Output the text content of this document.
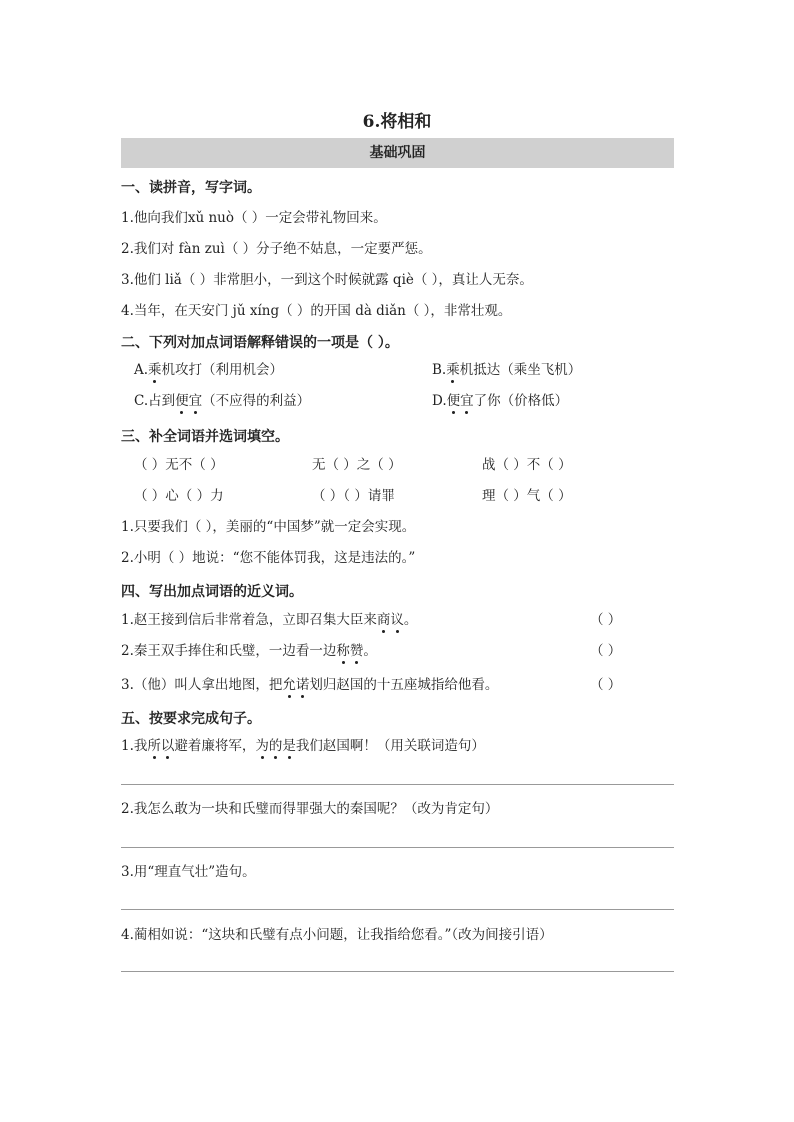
6.将相和
基础巩固
一、读拼音，写字词。
1.他向我们xǔ nuò（ ）一定会带礼物回来。
2.我们对 fàn zuì（ ）分子绝不姑息，一定要严惩。
3.他们 liǎ（ ）非常胆小，一到这个时候就露 qiè（ ），真让人无奈。
4.当年，在天安门 jǔ xíng（ ）的开国 dà diǎn（ ），非常壮观。
二、下列对加点词语解释错误的一项是（ ）。
A.乘机攻打（利用机会）	B.乘机抵达（乘坐飞机）
C.占到便宜（不应得的利益）	D.便宜了你（价格低）
三、补全词语并选词填空。
（ ）无不（ ）	无（ ）之（ ）	战（ ）不（ ）
（ ）心（ ）力	（ ）（ ）请罪	理（ ）气（ ）
1.只要我们（ ），美丽的“中国梦”就一定会实现。
2.小明（ ）地说：“您不能体罚我，这是违法的。”
四、写出加点词语的近义词。
1.赵王接到信后非常着急，立即召集大臣来商议。	（ ）
2.秦王双手捧住和氏璧，一边看一边称赞。	（ ）
3.（他）叫人拿出地图，把允诺划归赵国的十五座城指给他看。	（ ）
五、按要求完成句子。
1.我所以避着廉将军，为的是我们赵国啊！（用关联词造句）
2.我怎么敢为一块和氏璧而得罪强大的秦国呢？（改为肯定句）
3.用“理直气壮”造句。
4.蔺相如说：“这块和氏璧有点小问题，让我指给您看。”（改为间接引语）
